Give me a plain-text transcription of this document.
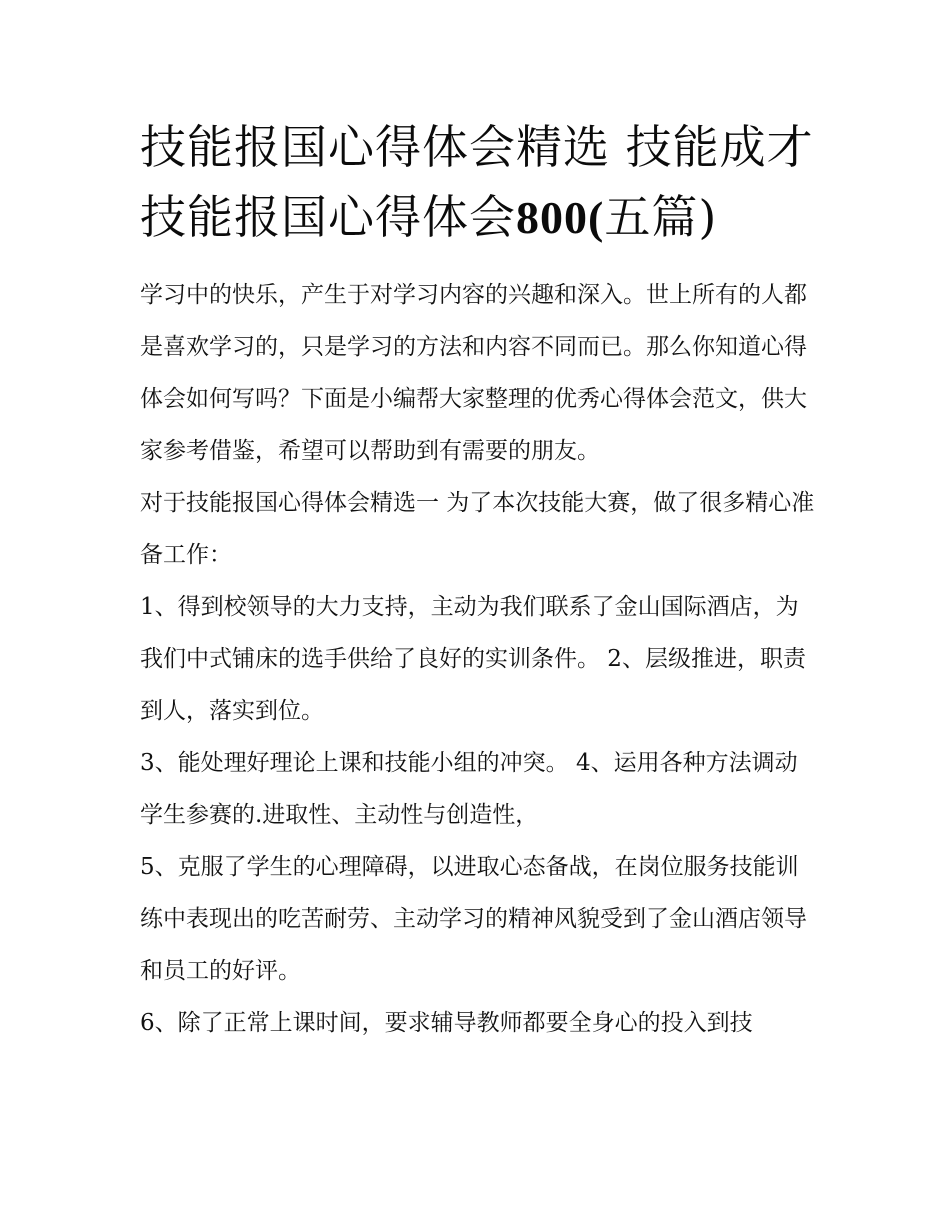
技能报国心得体会精选 技能成才技能报国心得体会800(五篇)

学习中的快乐，产生于对学习内容的兴趣和深入。世上所有的人都是喜欢学习的，只是学习的方法和内容不同而已。那么你知道心得体会如何写吗？下面是小编帮大家整理的优秀心得体会范文，供大家参考借鉴，希望可以帮助到有需要的朋友。

对于技能报国心得体会精选一 为了本次技能大赛，做了很多精心准备工作：

1、得到校领导的大力支持，主动为我们联系了金山国际酒店，为我们中式铺床的选手供给了良好的实训条件。 2、层级推进，职责到人，落实到位。

3、能处理好理论上课和技能小组的冲突。 4、运用各种方法调动学生参赛的.进取性、主动性与创造性，

5、克服了学生的心理障碍，以进取心态备战，在岗位服务技能训练中表现出的吃苦耐劳、主动学习的精神风貌受到了金山酒店领导和员工的好评。

6、除了正常上课时间，要求辅导教师都要全身心的投入到技
